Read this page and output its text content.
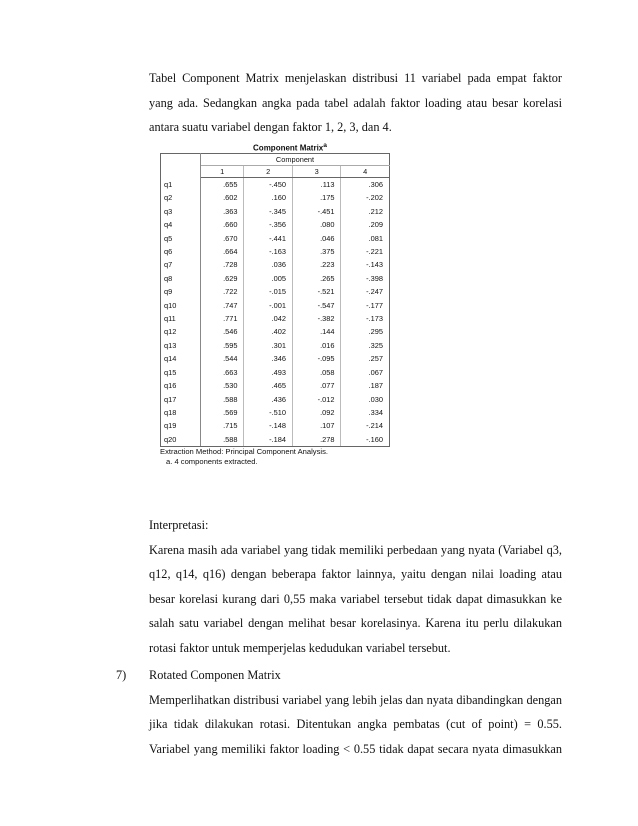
Tabel Component Matrix menjelaskan distribusi 11 variabel pada empat faktor
yang ada. Sedangkan angka pada tabel adalah faktor loading atau besar korelasi
antara suatu variabel dengan faktor 1, 2, 3, dan 4.
Component Matrix$^a$
	Component			
	1	2	3	4
q1	.655	-.450	.113	.306
q2	.602	.160	.175	-.202
q3	.363	-.345	-.451	.212
q4	.660	-.356	.080	.209
q5	.670	-.441	.046	.081
q6	.664	-.163	.375	-.221
q7	.728	.036	.223	-.143
q8	.629	.005	.265	-.398
q9	.722	-.015	-.521	-.247
q10	.747	-.001	-.547	-.177
q11	.771	.042	-.382	-.173
q12	.546	.402	.144	.295
q13	.595	.301	.016	.325
q14	.544	.346	-.095	.257
q15	.663	.493	.058	.067
q16	.530	.465	.077	.187
q17	.588	.436	-.012	.030
q18	.569	-.510	.092	.334
q19	.715	-.148	.107	-.214
q20	.588	-.184	.278	-.160
Extraction Method: Principal Component Analysis.
a. 4 components extracted.
Interpretasi:
Karena masih ada variabel yang tidak memiliki perbedaan yang nyata (Variabel q3,
q12, q14, q16) dengan beberapa faktor lainnya, yaitu dengan nilai loading atau
besar korelasi kurang dari 0,55 maka variabel tersebut tidak dapat dimasukkan ke
salah satu variabel dengan melihat besar korelasinya. Karena itu perlu dilakukan
rotasi faktor untuk memperjelas kedudukan variabel tersebut.
7) Rotated Componen Matrix
Memperlihatkan distribusi variabel yang lebih jelas dan nyata dibandingkan dengan
jika tidak dilakukan rotasi. Ditentukan angka pembatas (cut of point) = 0.55.
Variabel yang memiliki faktor loading < 0.55 tidak dapat secara nyata dimasukkan
